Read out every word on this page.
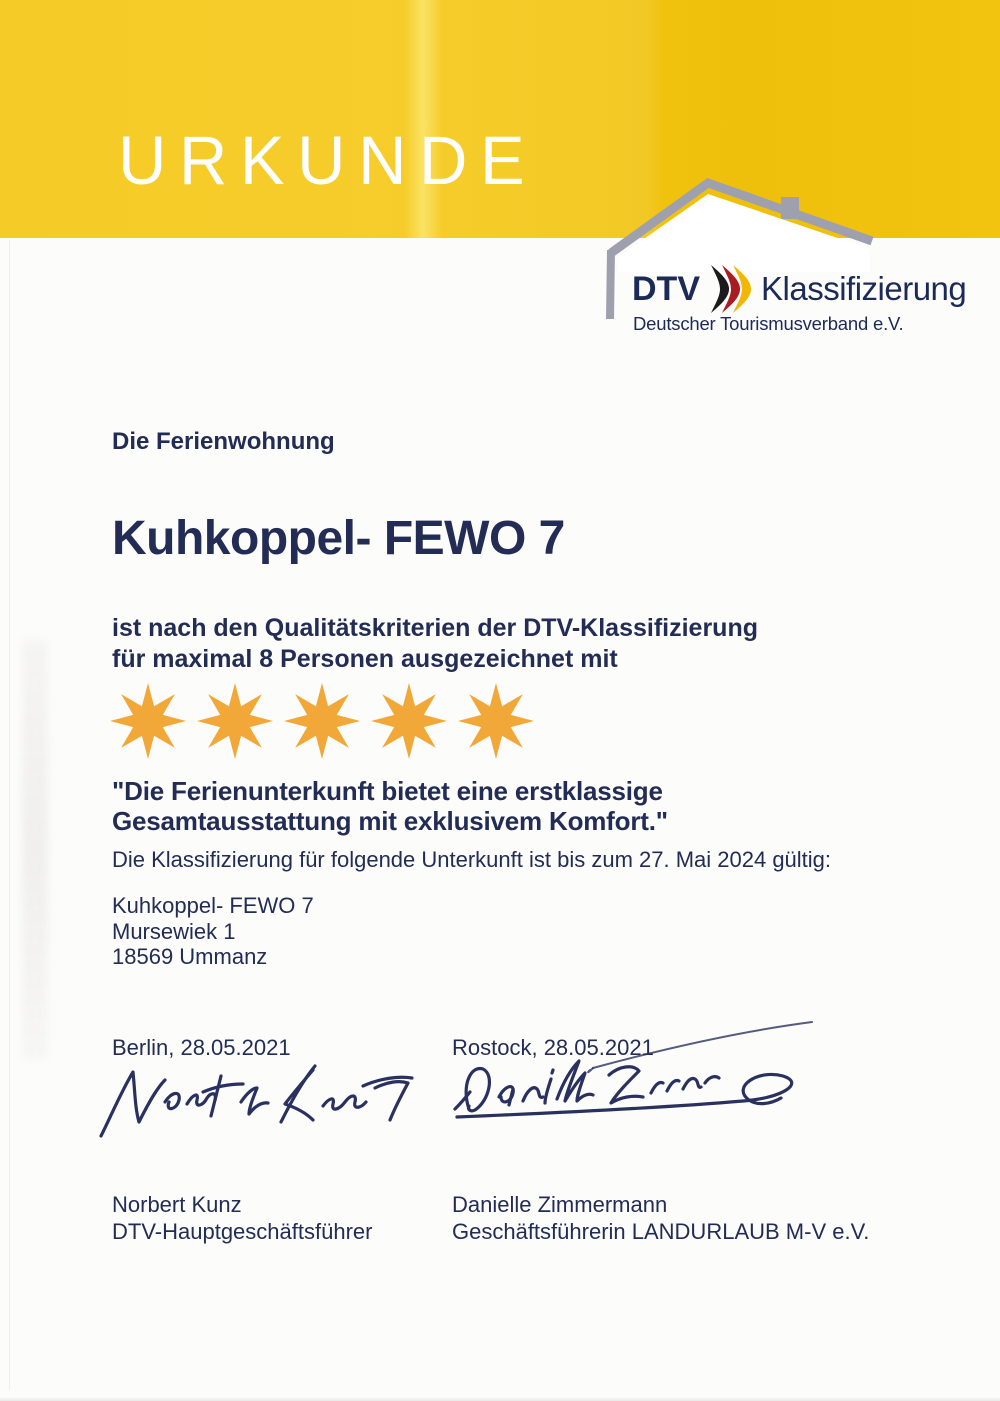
URKUNDE
DTV Klassifizierung
Deutscher Tourismusverband e.V.
Die Ferienwohnung
Kuhkoppel- FEWO 7
ist nach den Qualitätskriterien der DTV-Klassifizierung
für maximal 8 Personen ausgezeichnet mit
"Die Ferienunterkunft bietet eine erstklassige
Gesamtausstattung mit exklusivem Komfort."
Die Klassifizierung für folgende Unterkunft ist bis zum 27. Mai 2024 gültig:
Kuhkoppel- FEWO 7
Mursewiek 1
18569 Ummanz
Berlin, 28.05.2021	Rostock, 28.05.2021
Norbert Kunz
DTV-Hauptgeschäftsführer
Danielle Zimmermann
Geschäftsführerin LANDURLAUB M-V e.V.
